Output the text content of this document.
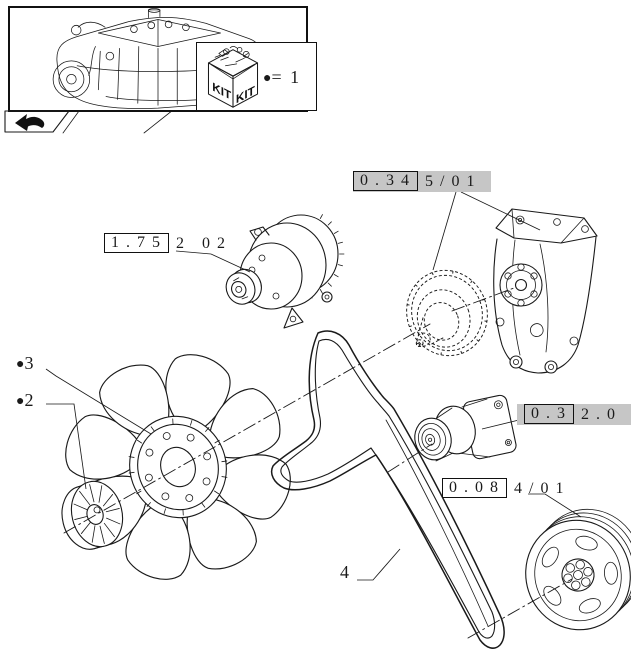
KIT KIT
●= 1
1.75 2 02
0.34 5/01
0.3 2.0
0.08 4/01
●3
●2
4
